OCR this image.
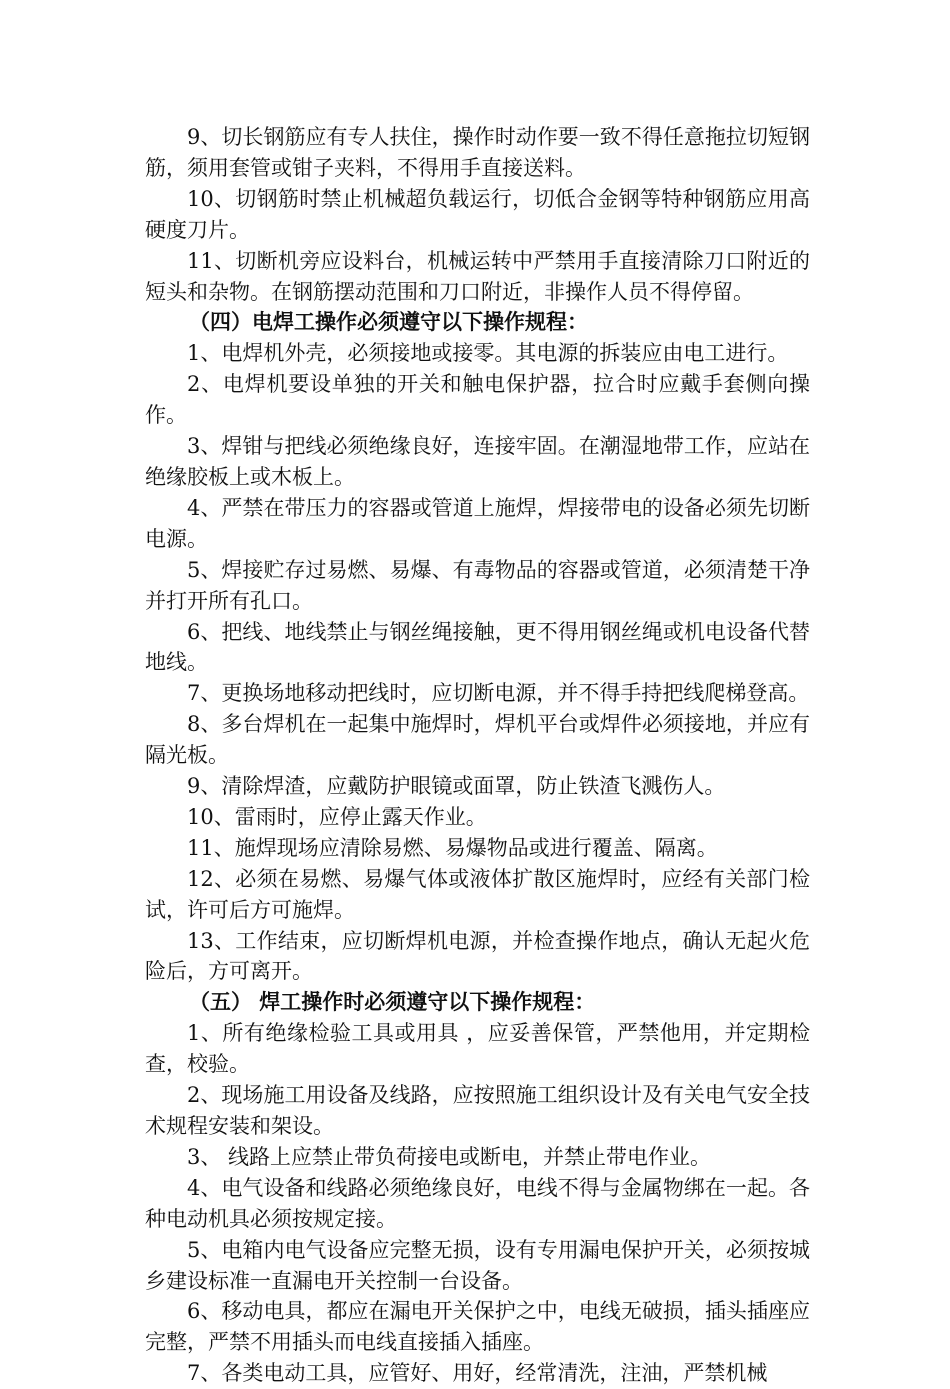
9、切长钢筋应有专人扶住，操作时动作要一致不得任意拖拉切短钢筋，须用套管或钳子夹料，不得用手直接送料。

10、切钢筋时禁止机械超负载运行，切低合金钢等特种钢筋应用高硬度刀片。

11、切断机旁应设料台，机械运转中严禁用手直接清除刀口附近的短头和杂物。在钢筋摆动范围和刀口附近，非操作人员不得停留。

（四）电焊工操作必须遵守以下操作规程：

1、电焊机外壳，必须接地或接零。其电源的拆装应由电工进行。

2、电焊机要设单独的开关和触电保护器，拉合时应戴手套侧向操作。

3、焊钳与把线必须绝缘良好，连接牢固。在潮湿地带工作，应站在绝缘胶板上或木板上。

4、严禁在带压力的容器或管道上施焊，焊接带电的设备必须先切断电源。

5、焊接贮存过易燃、易爆、有毒物品的容器或管道，必须清楚干净并打开所有孔口。

6、把线、地线禁止与钢丝绳接触，更不得用钢丝绳或机电设备代替地线。

7、更换场地移动把线时，应切断电源，并不得手持把线爬梯登高。

8、多台焊机在一起集中施焊时，焊机平台或焊件必须接地，并应有隔光板。

9、清除焊渣，应戴防护眼镜或面罩，防止铁渣飞溅伤人。

10、雷雨时，应停止露天作业。

11、施焊现场应清除易燃、易爆物品或进行覆盖、隔离。

12、必须在易燃、易爆气体或液体扩散区施焊时，应经有关部门检试，许可后方可施焊。

13、工作结束，应切断焊机电源，并检查操作地点，确认无起火危险后，方可离开。

（五） 焊工操作时必须遵守以下操作规程：

1、所有绝缘检验工具或用具 ，应妥善保管，严禁他用，并定期检查，校验。

2、现场施工用设备及线路，应按照施工组织设计及有关电气安全技术规程安装和架设。

3、 线路上应禁止带负荷接电或断电，并禁止带电作业。

4、电气设备和线路必须绝缘良好，电线不得与金属物绑在一起。各种电动机具必须按规定接。

5、电箱内电气设备应完整无损，设有专用漏电保护开关，必须按城乡建设标准一直漏电开关控制一台设备。

6、移动电具，都应在漏电开关保护之中，电线无破损，插头插座应完整，严禁不用插头而电线直接插入插座。

7、各类电动工具，应管好、用好，经常清洗，注油，严禁机械
